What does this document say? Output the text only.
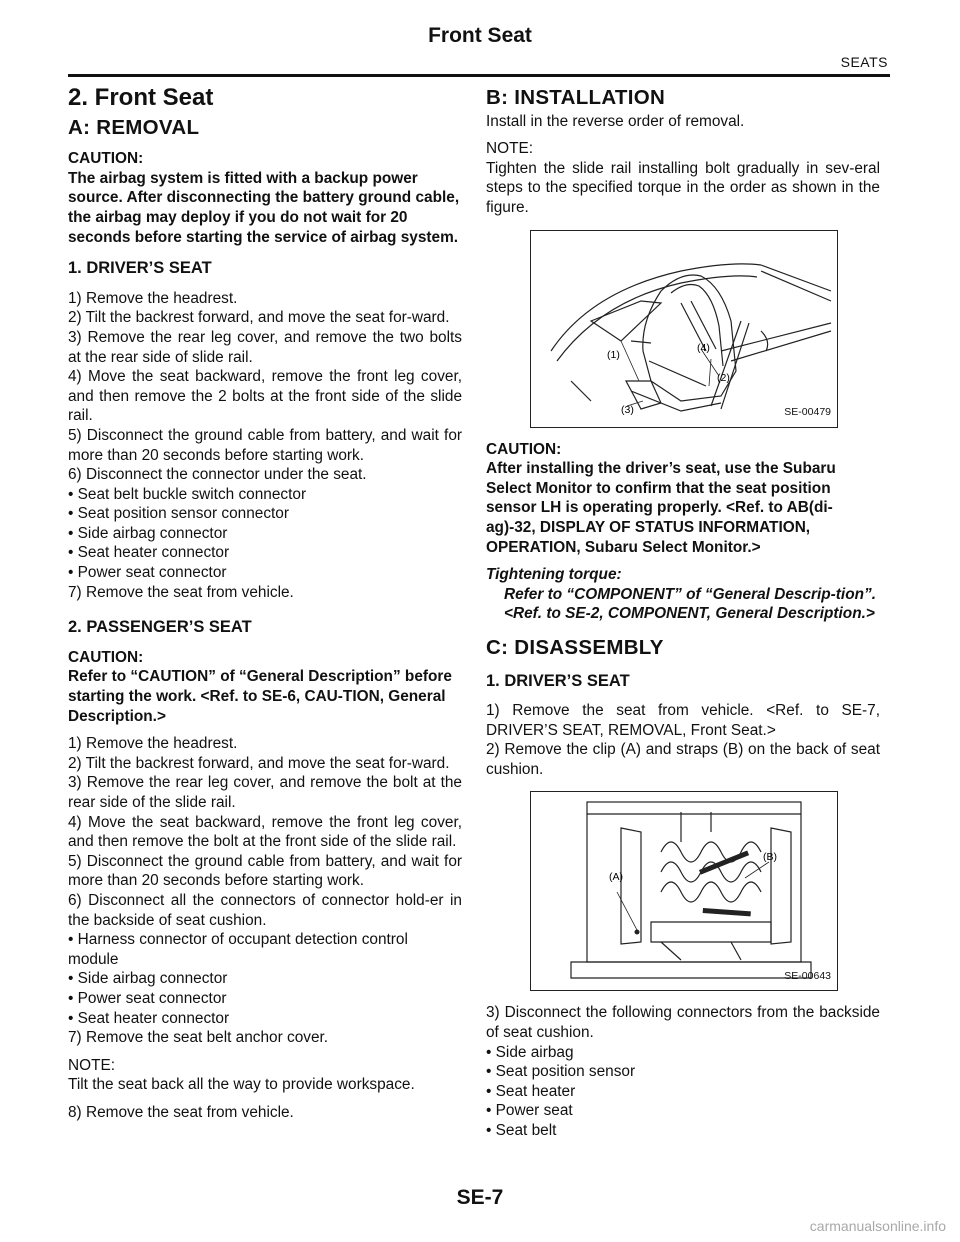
Front Seat
SEATS

2. Front Seat

A: REMOVAL

CAUTION:

The airbag system is fitted with a backup power source. After disconnecting the battery ground cable, the airbag may deploy if you do not wait for 20 seconds before starting the service of airbag system.

1. DRIVER’S SEAT

1) Remove the headrest.

2) Tilt the backrest forward, and move the seat for-ward.

3) Remove the rear leg cover, and remove the two bolts at the rear side of slide rail.

4) Move the seat backward, remove the front leg cover, and then remove the 2 bolts at the front side of the slide rail.

5) Disconnect the ground cable from battery, and wait for more than 20 seconds before starting work.

6) Disconnect the connector under the seat.

• Seat belt buckle switch connector

• Seat position sensor connector

• Side airbag connector

• Seat heater connector

• Power seat connector

7) Remove the seat from vehicle.

2. PASSENGER’S SEAT

CAUTION:

Refer to “CAUTION” of “General Description” before starting the work. <Ref. to SE-6, CAU-TION, General Description.>

1) Remove the headrest.

2) Tilt the backrest forward, and move the seat for-ward.

3) Remove the rear leg cover, and remove the bolt at the rear side of the slide rail.

4) Move the seat backward, remove the front leg cover, and then remove the bolt at the front side of the slide rail.

5) Disconnect the ground cable from battery, and wait for more than 20 seconds before starting work.

6) Disconnect all the connectors of connector hold-er in the backside of seat cushion.

• Harness connector of occupant detection control module

• Side airbag connector

• Power seat connector

• Seat heater connector

7) Remove the seat belt anchor cover.

NOTE:

Tilt the seat back all the way to provide workspace.

8) Remove the seat from vehicle.

B: INSTALLATION

Install in the reverse order of removal.

NOTE:

Tighten the slide rail installing bolt gradually in sev-eral steps to the specified torque in the order as shown in the figure.

(1)
(2)
(3)
(4)
SE-00479

CAUTION:

After installing the driver’s seat, use the Subaru Select Monitor to confirm that the seat position sensor LH is operating properly. <Ref. to AB(di-ag)-32, DISPLAY OF STATUS INFORMATION, OPERATION, Subaru Select Monitor.>

Tightening torque:

Refer to “COMPONENT” of “General Descrip-tion”. <Ref. to SE-2, COMPONENT, General Description.>

C: DISASSEMBLY

1. DRIVER’S SEAT

1) Remove the seat from vehicle. <Ref. to SE-7, DRIVER’S SEAT, REMOVAL, Front Seat.>

2) Remove the clip (A) and straps (B) on the back of seat cushion.

(A)
(B)
SE-00643

3) Disconnect the following connectors from the backside of seat cushion.

• Side airbag

• Seat position sensor

• Seat heater

• Power seat

• Seat belt

SE-7
carmanualsonline.info
